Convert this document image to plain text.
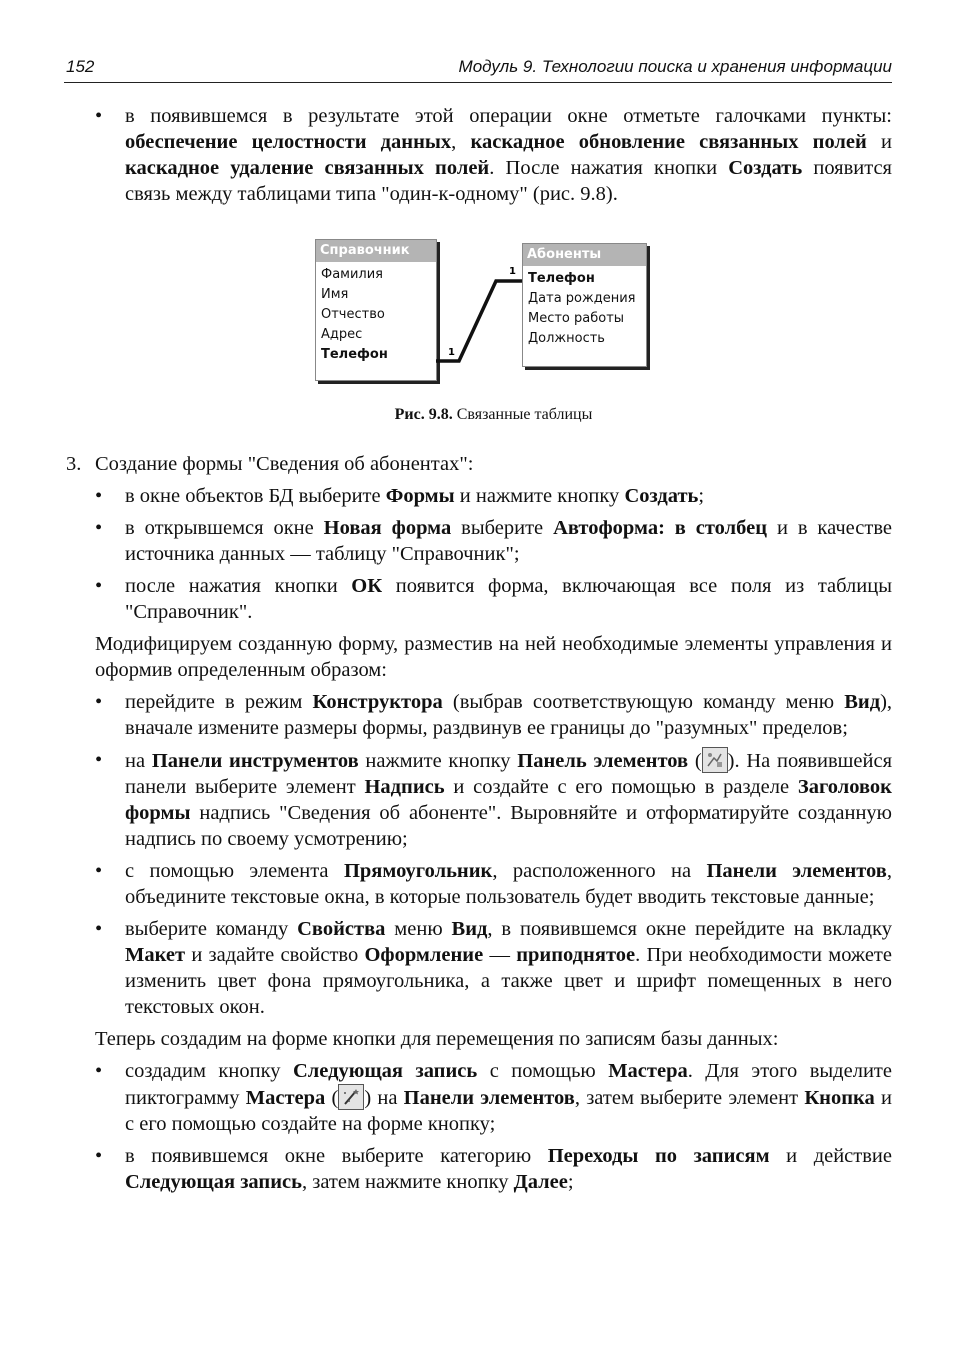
152	Модуль 9. Технологии поиска и хранения информации
• в появившемся в результате этой операции окне отметьте галочками пункты: обеспечение целостности данных, каскадное обновление связанных полей и каскадное удаление связанных полей. После нажатия кнопки Создать появится связь между таблицами типа "один-к-одному" (рис. 9.8).
Справочник
Фамилия
Имя
Отчество
Адрес
Телефон	1
1
Абоненты
Телефон
Дата рождения
Место работы
Должность
Рис. 9.8. Связанные таблицы
3. Создание формы "Сведения об абонентах":
• в окне объектов БД выберите Формы и нажмите кнопку Создать;
• в открывшемся окне Новая форма выберите Автоформа: в столбец и в качестве источника данных — таблицу "Справочник";
• после нажатия кнопки ОК появится форма, включающая все поля из таблицы "Справочник".
Модифицируем созданную форму, разместив на ней необходимые элементы управления и оформив определенным образом:
• перейдите в режим Конструктора (выбрав соответствующую команду меню Вид), вначале измените размеры формы, раздвинув ее границы до "разумных" пределов;
• на Панели инструментов нажмите кнопку Панель элементов ( ). На появившейся панели выберите элемент Надпись и создайте с его помощью в разделе Заголовок формы надпись "Сведения об абоненте". Выровняйте и отформатируйте созданную надпись по своему усмотрению;
• с помощью элемента Прямоугольник, расположенного на Панели элементов, объедините текстовые окна, в которые пользователь будет вводить текстовые данные;
• выберите команду Свойства меню Вид, в появившемся окне перейдите на вкладку Макет и задайте свойство Оформление — приподнятое. При необходимости можете изменить цвет фона прямоугольника, а также цвет и шрифт помещенных в него текстовых окон.
Теперь создадим на форме кнопки для перемещения по записям базы данных:
• создадим кнопку Следующая запись с помощью Мастера. Для этого выделите пиктограмму Мастера ( ) на Панели элементов, затем выберите элемент Кнопка и с его помощью создайте на форме кнопку;
• в появившемся окне выберите категорию Переходы по записям и действие Следующая запись, затем нажмите кнопку Далее;
